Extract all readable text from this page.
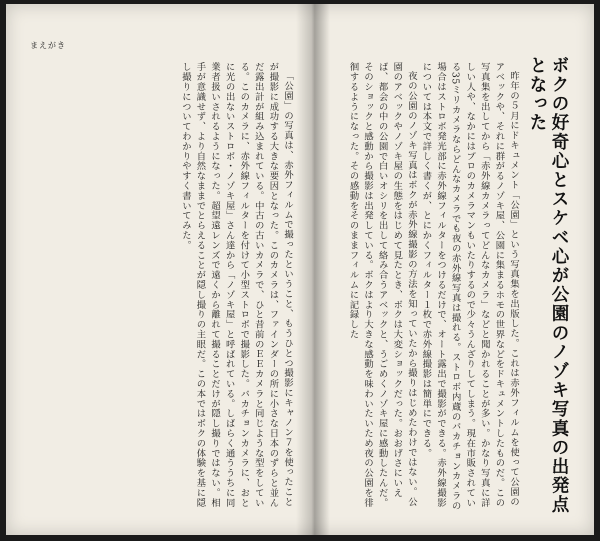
まえがき
「公園」の写真は、赤外フィルムで撮ったということ、もうひとつ撮影にキャノン７を使ったことが撮影に成功する大きな要因となった。このカメラは、ファインダーの所に小さな日本のずらと並んだ露出計が組み込まれている。中古の古いカメラで、ひと昔前のＥＥカメラと同じような型をしている。このカメラに、赤外線フィルターを付けて小型ストロボで撮影した。バカチョンカメラに、おとに光の出ないストロボ・ノゾキ屋」さん達から「ノゾキ屋」と呼ばれている。しばらく通ううちに同業者扱いされるようになった。超望遠レンズで遠くから離れて撮ることだけが隠し撮りではない。相手が意識せず、より自然なままでとらえることが隠し撮りの主眼だ。この本ではボクの体験を基に隠し撮りについてわかりやすく書いてみた。	昨年の５月にドキュメント「公園」という写真集を出版した。これは赤外フィルムを使って公園のアベックや、それに群がるノゾキ屋、公園に集まるホモの世界などをドキュメントしたものだ。この写真集を出してから「赤外線カメラってどんなカメラ」などと聞かれることが多い。かなり写真に詳しい人や、なかにはプロのカメラマンもいたりするので少々うんざりしてしまう。現在市販されている35ミリカメラならどんなカメラでも夜の赤外線写真は撮れる。ストロボ内蔵のバカチョンカメラの場合はストロボ発光部に赤外線フィルターをつけるだけで、オート露出で撮影ができる。赤外線撮影については本文で詳しく書くが、とにかくフィルター１枚で赤外線撮影は簡単にできる。
夜の公園のノゾキ写真はボクが赤外線撮影の方法を知っていたから撮りはじめたわけではない。公園のアベックやノゾキ屋の生態をはじめて見たとき、ボクは大変ショックだった。おおげさにいえば、都会の中の公園で白いオシリを出して絡み合うアベックと、うごめくノゾキ屋に感動したんだ。そのショックと感動から撮影は出発している。ボクはより大きな感動を味わいたいため夜の公園を徘徊するようになった。その感動をそのままフィルムに記録した	ボクの好奇心とスケベ心が公園のノゾキ写真の出発点となった
